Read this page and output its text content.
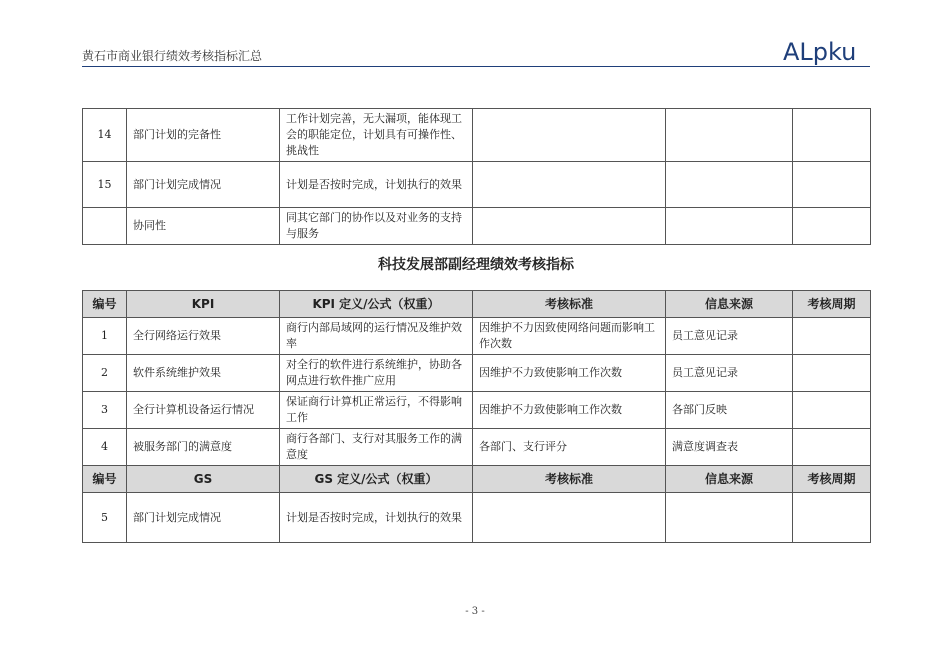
黄石市商业银行绩效考核指标汇总	ALpku
14	部门计划的完备性	工作计划完善，无大漏项，能体现工会的职能定位，计划具有可操作性、挑战性			
15	部门计划完成情况	计划是否按时完成，计划执行的效果			
	协同性	同其它部门的协作以及对业务的支持与服务			
科技发展部副经理绩效考核指标
编号	KPI	KPI 定义/公式（权重）	考核标准	信息来源	考核周期
1	全行网络运行效果	商行内部局域网的运行情况及维护效率	因维护不力因致使网络问题而影响工作次数	员工意见记录	
2	软件系统维护效果	对全行的软件进行系统维护，协助各网点进行软件推广应用	因维护不力致使影响工作次数	员工意见记录	
3	全行计算机设备运行情况	保证商行计算机正常运行，不得影响工作	因维护不力致使影响工作次数	各部门反映	
4	被服务部门的满意度	商行各部门、支行对其服务工作的满意度	各部门、支行评分	满意度调查表	
编号	GS	GS 定义/公式（权重）	考核标准	信息来源	考核周期
5	部门计划完成情况	计划是否按时完成，计划执行的效果			
- 3 -
